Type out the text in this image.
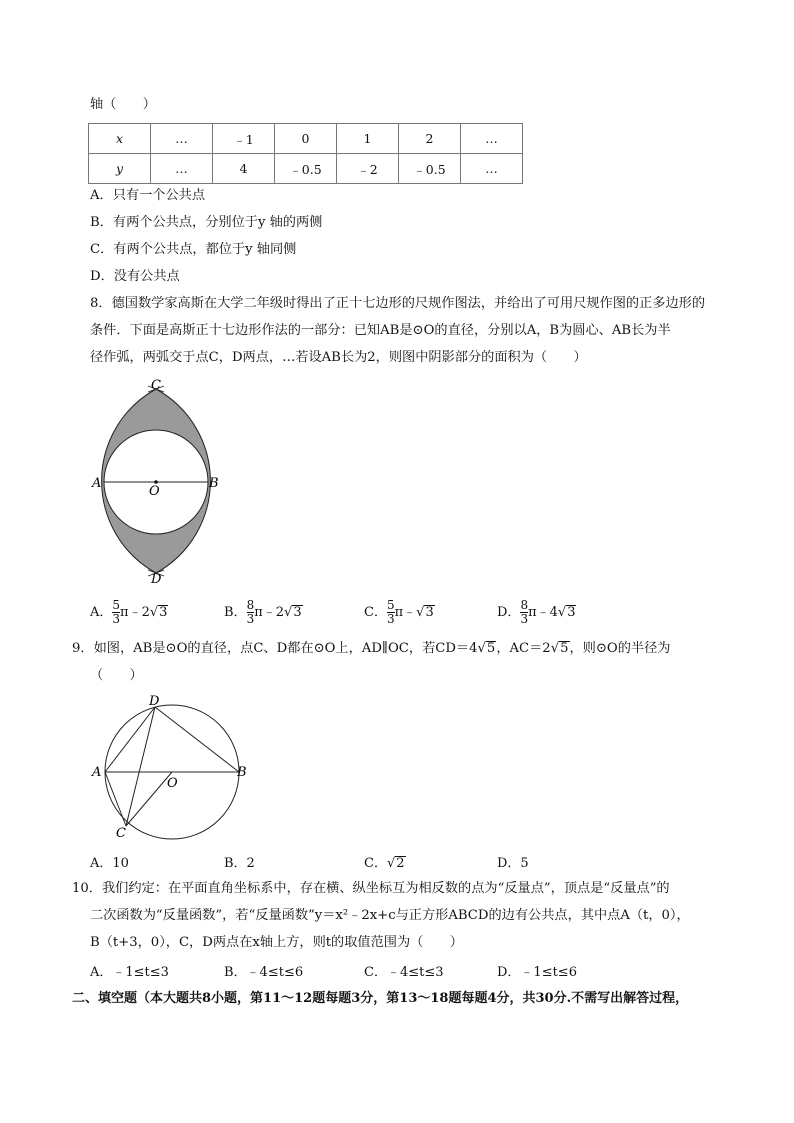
轴（　　）
x	…	﹣1	0	1	2	…
y	…	4	﹣0.5	﹣2	﹣0.5	…
A．只有一个公共点
B．有两个公共点，分别位于y 轴的两侧
C．有两个公共点，都位于y 轴同侧
D．没有公共点
8．德国数学家高斯在大学二年级时得出了正十七边形的尺规作图法，并给出了可用尺规作图的正多边形的
条件．下面是高斯正十七边形作法的一部分：已知AB是⊙O的直径，分别以A，B为圆心、AB长为半
径作弧，两弧交于点C，D两点，…若设AB长为2，则图中阴影部分的面积为（　　）
C
D
A	B
O
A． $\frac{5}{3}$ π﹣2√3	B． $\frac{8}{3}$ π﹣2√3	C． $\frac{5}{3}$ π﹣√3	D． $\frac{8}{3}$ π﹣4√3
9．如图，AB是⊙O的直径，点C、D都在⊙O上，AD∥OC，若CD＝4√5，AC＝2√5，则⊙O的半径为
（　　）
D
A	B
O
C
A．10	B．2	C．√2	D．5
10．我们约定：在平面直角坐标系中，存在横、纵坐标互为相反数的点为“反量点”，顶点是“反量点”的
二次函数为“反量函数”，若“反量函数”y＝x²﹣2x+c与正方形ABCD的边有公共点，其中点A（t，0），
B（t+3，0），C，D两点在x轴上方，则t的取值范围为（　　）
A．﹣1≤t≤3	B．﹣4≤t≤6	C．﹣4≤t≤3	D．﹣1≤t≤6
二、填空题（本大题共8小题，第11～12题每题3分，第13～18题每题4分，共30分.不需写出解答过程，
